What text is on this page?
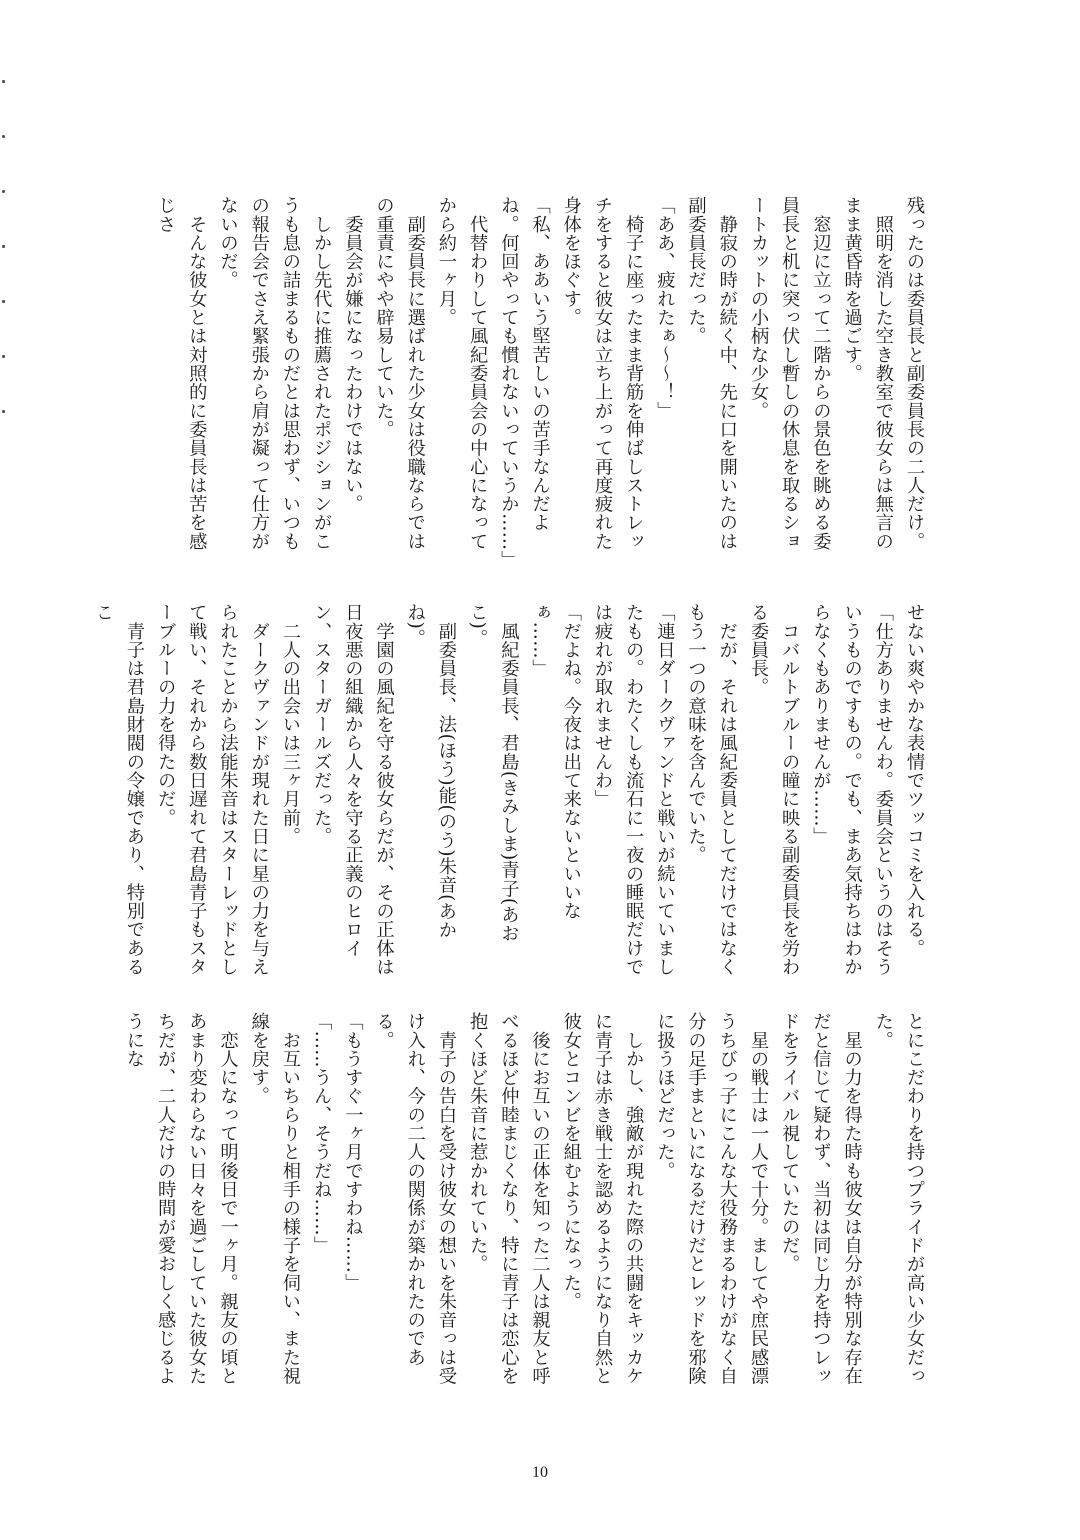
残ったのは委員長と副委員長の二人だけ。

　照明を消した空き教室で彼女らは無言のまま黄昏時を過ごす。

　窓辺に立って二階からの景色を眺める委員長と机に突っ伏し暫しの休息を取るショートカットの小柄な少女。

　静寂の時が続く中、先に口を開いたのは副委員長だった。

「ああ、疲れたぁ〜〜！」

　椅子に座ったまま背筋を伸ばしストレッチをすると彼女は立ち上がって再度疲れた身体をほぐす。

「私、ああいう堅苦しいの苦手なんだよね。何回やっても慣れないっていうか……」

　代替わりして風紀委員会の中心になってから約一ヶ月。

　副委員長に選ばれた少女は役職ならではの重責にやや辟易していた。

　委員会が嫌になったわけではない。

　しかし先代に推薦されたポジションがこうも息の詰まるものだとは思わず、いつもの報告会でさえ緊張から肩が凝って仕方がないのだ。

　そんな彼女とは対照的に委員長は苦を感じさ

せない爽やかな表情でツッコミを入れる。

「仕方ありませんわ。委員会というのはそういうものですもの。でも、まあ気持ちはわからなくもありませんが……」

　コバルトブルーの瞳に映る副委員長を労わる委員長。

　だが、それは風紀委員としてだけではなくもう一つの意味を含んでいた。

「連日ダークヴァンドと戦いが続いていましたもの。わたくしも流石に一夜の睡眠だけでは疲れが取れませんわ」

「だよね。今夜は出て来ないといいなぁ……」

　風紀委員長、君島(きみしま)青子(あおこ)。

　副委員長、法(ほう)能(のう)朱音(あかね)。

　学園の風紀を守る彼女らだが、その正体は日夜悪の組織から人々を守る正義のヒロイン、スターガールズだった。

　二人の出会いは三ヶ月前。

　ダークヴァンドが現れた日に星の力を与えられたことから法能朱音はスターレッドとして戦い、それから数日遅れて君島青子もスターブルーの力を得たのだ。

　青子は君島財閥の令嬢であり、特別であるこ

とにこだわりを持つプライドが高い少女だった。

　星の力を得た時も彼女は自分が特別な存在だと信じて疑わず、当初は同じ力を持つレッドをライバル視していたのだ。

　星の戦士は一人で十分。ましてや庶民感漂うちびっ子にこんな大役務まるわけがなく自分の足手まといになるだけだとレッドを邪険に扱うほどだった。

　しかし、強敵が現れた際の共闘をキッカケに青子は赤き戦士を認めるようになり自然と彼女とコンビを組むようになった。

　後にお互いの正体を知った二人は親友と呼べるほど仲睦まじくなり、特に青子は恋心を抱くほど朱音に惹かれていた。

　青子の告白を受け彼女の想いを朱音っは受け入れ、今の二人の関係が築かれたのである。

「もうすぐ一ヶ月ですわね……」

「……うん、そうだね……」

　お互いちらりと相手の様子を伺い、また視線を戻す。

　恋人になって明後日で一ヶ月。親友の頃とあまり変わらない日々を過ごしていた彼女たちだが、二人だけの時間が愛おしく感じるようにな

10
